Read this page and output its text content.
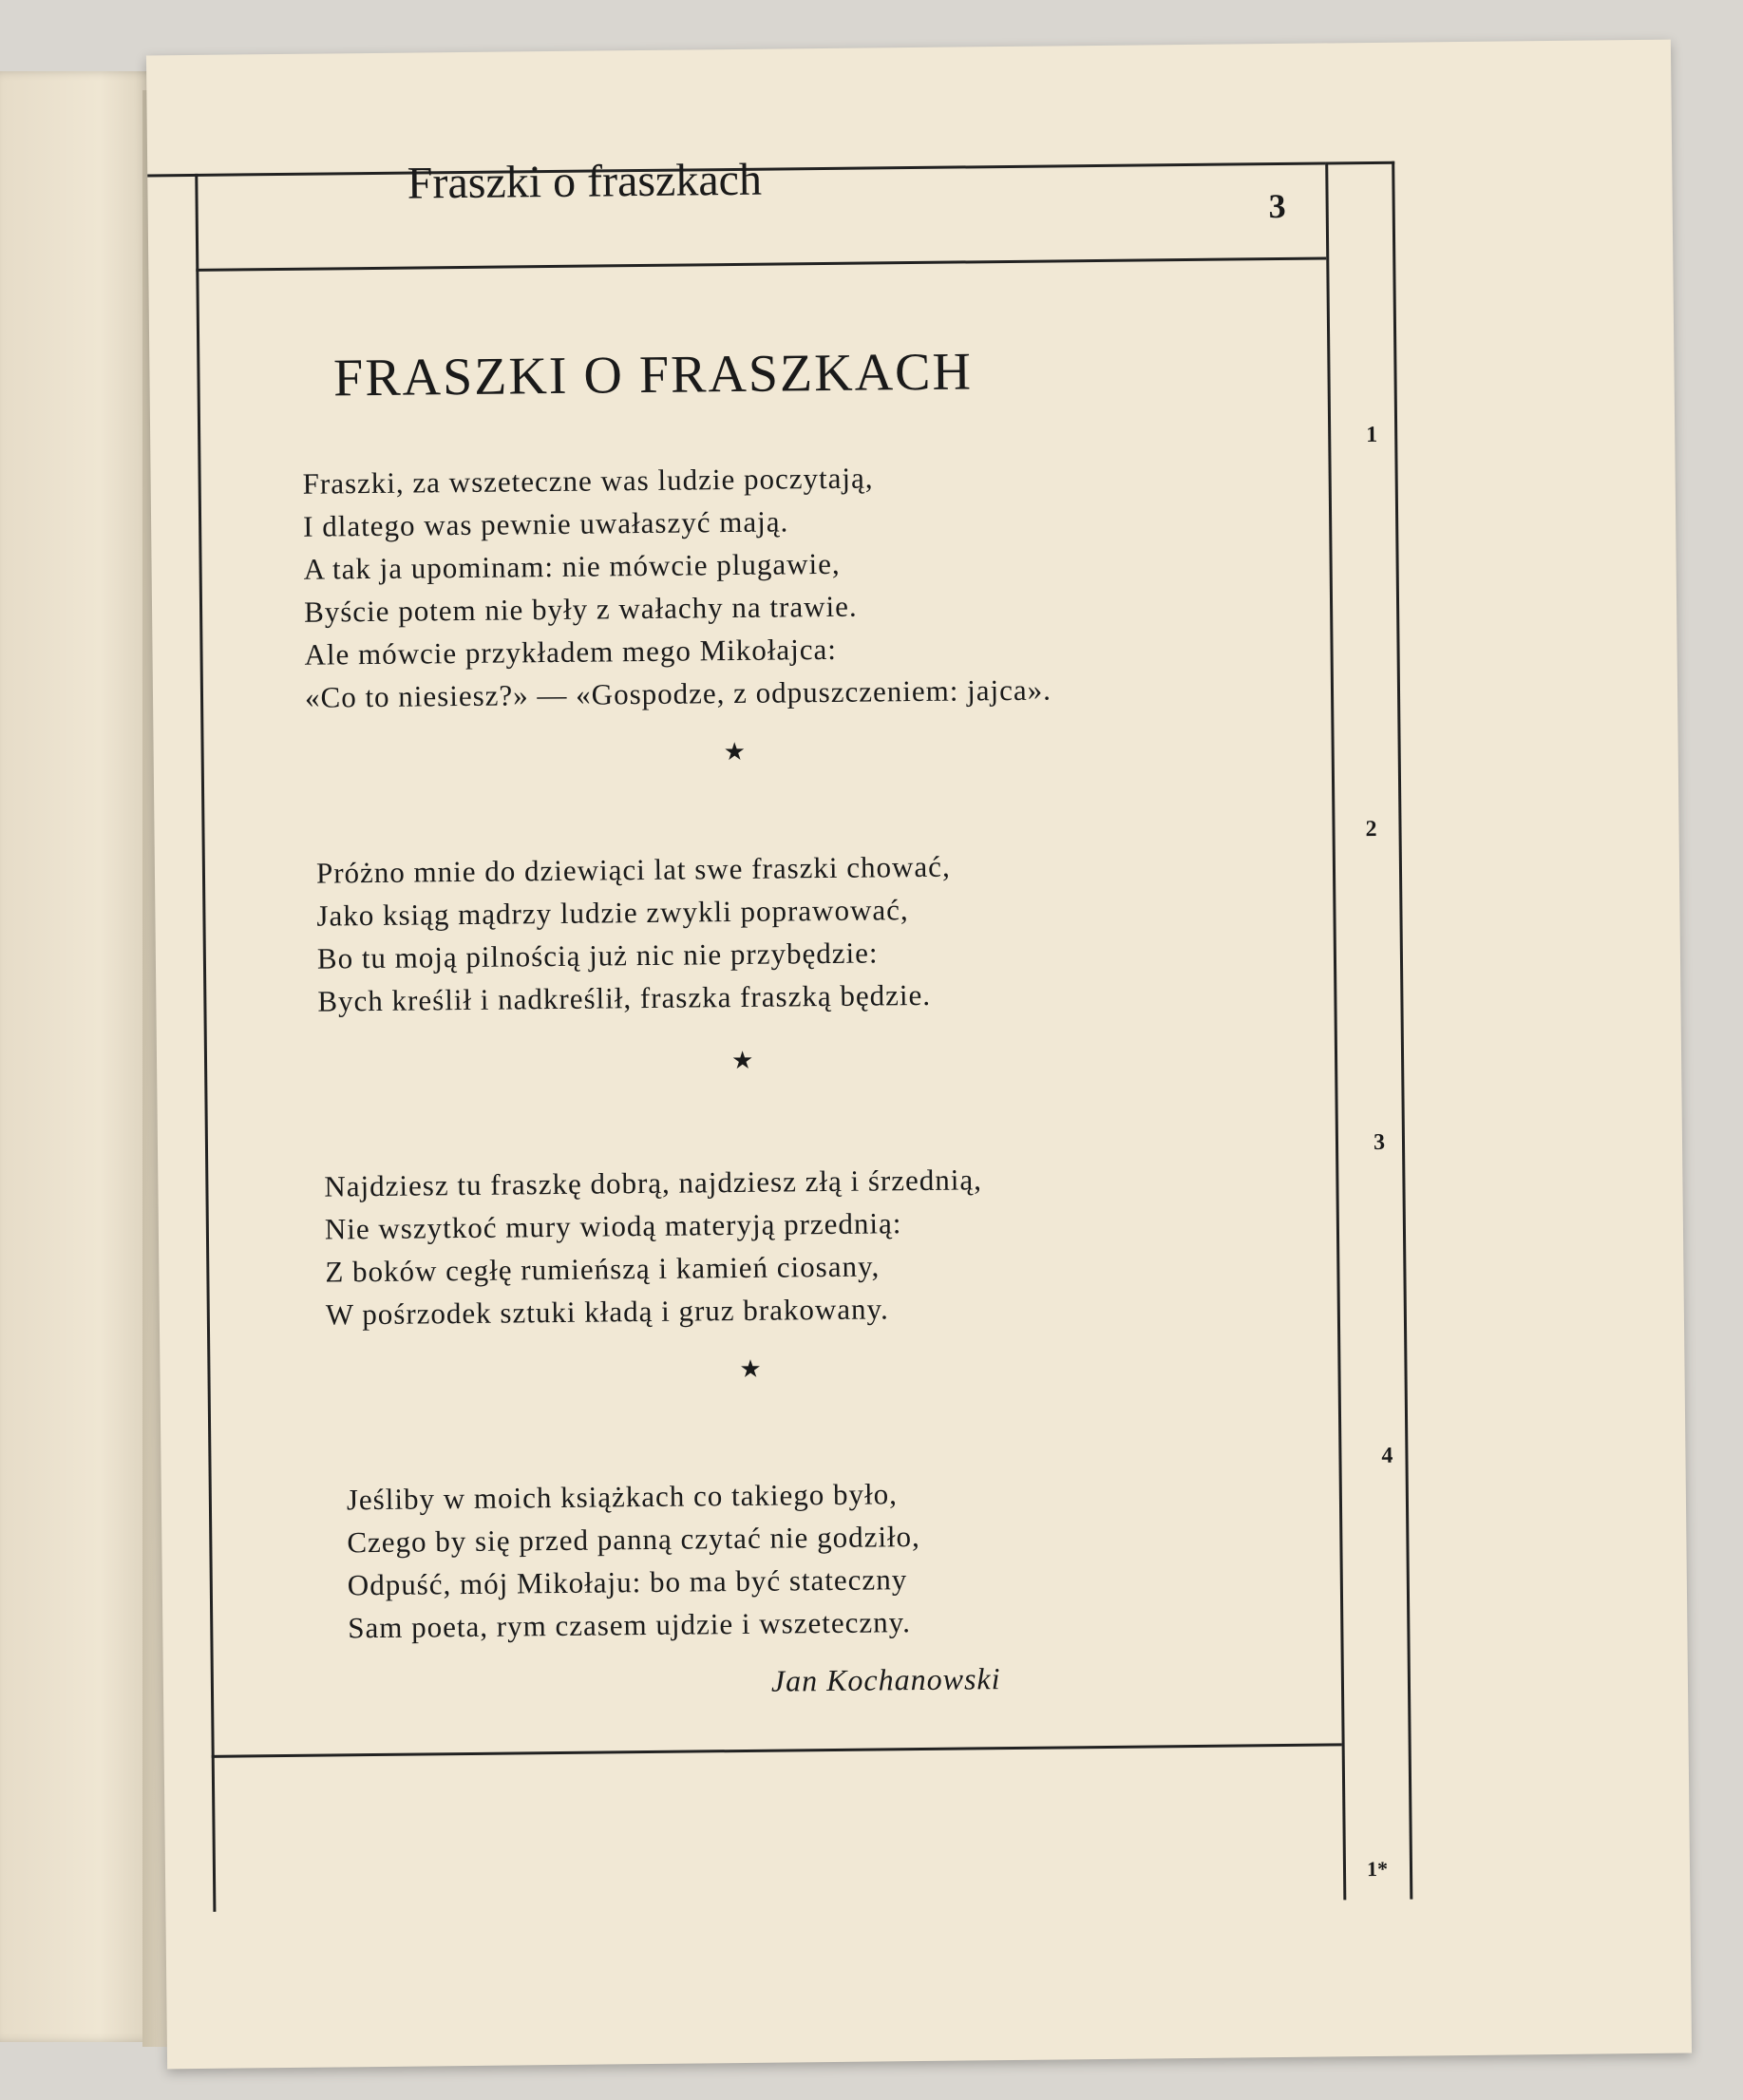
Fraszki o fraszkach	3
FRASZKI O FRASZKACH
Fraszki, za wszeteczne was ludzie poczytają,
I dlatego was pewnie uwałaszyć mają.
A tak ja upominam: nie mówcie plugawie,
Byście potem nie były z wałachy na trawie.
Ale mówcie przykładem mego Mikołajca:
«Co to niesiesz?» — «Gospodze, z odpuszczeniem: jajca».
1
★
Próżno mnie do dziewiąci lat swe fraszki chować,
Jako ksiąg mądrzy ludzie zwykli poprawować,
Bo tu moją pilnością już nic nie przybędzie:
Bych kreślił i nadkreślił, fraszka fraszką będzie.
2
★
Najdziesz tu fraszkę dobrą, najdziesz złą i śrzednią,
Nie wszytkoć mury wiodą materyją przednią:
Z boków cegłę rumieńszą i kamień ciosany,
W pośrzodek sztuki kładą i gruz brakowany.
3
★
Jeśliby w moich książkach co takiego było,
Czego by się przed panną czytać nie godziło,
Odpuść, mój Mikołaju: bo ma być stateczny
Sam poeta, rym czasem ujdzie i wszeteczny.
4
Jan Kochanowski
1*
